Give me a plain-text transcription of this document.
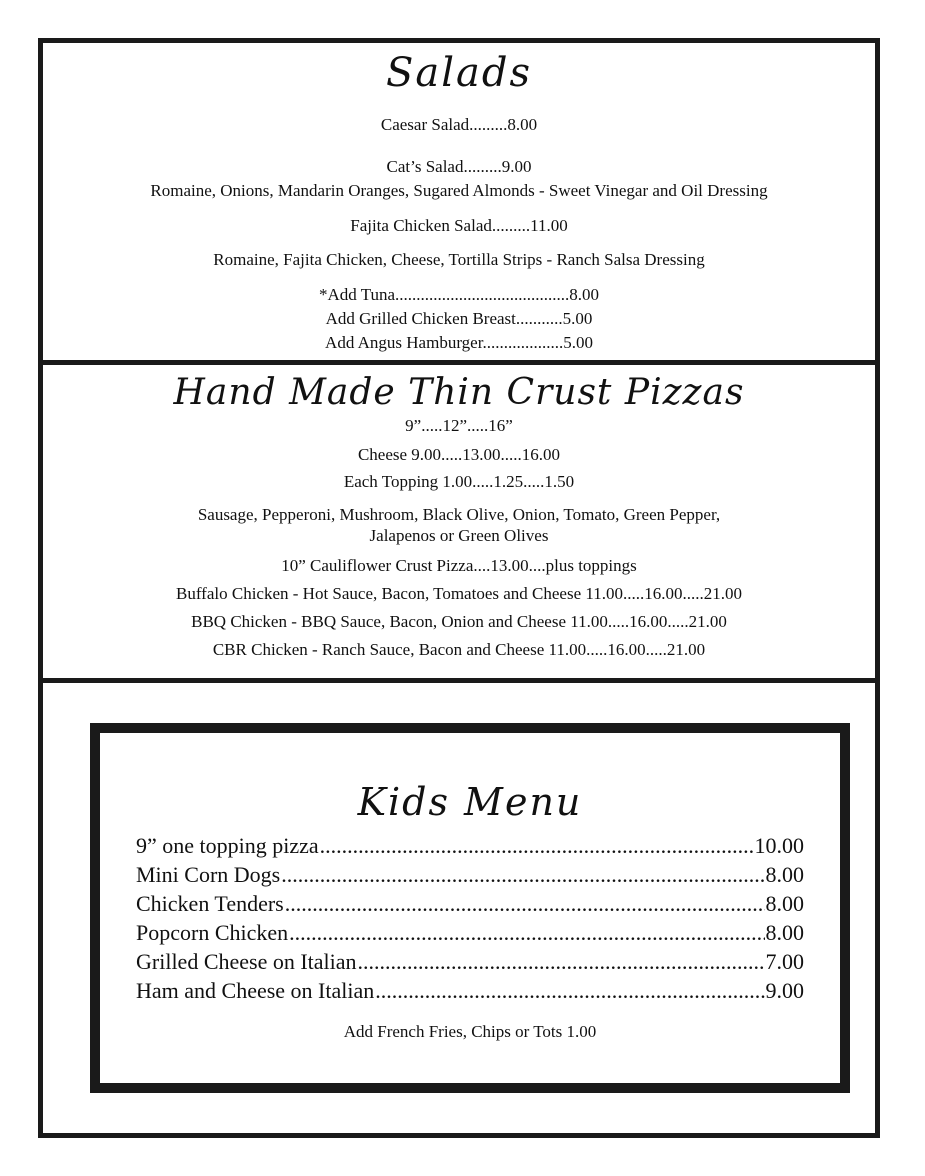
Salads
Caesar Salad.........8.00
Cat’s Salad.........9.00
Romaine, Onions, Mandarin Oranges, Sugared Almonds - Sweet Vinegar and Oil Dressing
Fajita Chicken Salad.........11.00
Romaine, Fajita Chicken, Cheese, Tortilla Strips - Ranch Salsa Dressing
*Add Tuna.........................................8.00
Add Grilled Chicken Breast...........5.00
Add Angus Hamburger...................5.00
Hand Made Thin Crust Pizzas
9”.....12”.....16”
Cheese 9.00.....13.00.....16.00
Each Topping 1.00.....1.25.....1.50
Sausage, Pepperoni, Mushroom, Black Olive, Onion, Tomato, Green Pepper,
Jalapenos or Green Olives
10” Cauliflower Crust Pizza....13.00....plus toppings
Buffalo Chicken - Hot Sauce, Bacon, Tomatoes and Cheese 11.00.....16.00.....21.00
BBQ Chicken - BBQ Sauce, Bacon, Onion and Cheese 11.00.....16.00.....21.00
CBR Chicken - Ranch Sauce, Bacon and Cheese 11.00.....16.00.....21.00
Kids Menu
9” one topping pizza .....	10.00
Mini Corn Dogs .....	8.00
Chicken Tenders .....	8.00
Popcorn Chicken .....	8.00
Grilled Cheese on Italian .....	7.00
Ham and Cheese on Italian .....	9.00
Add French Fries, Chips or Tots 1.00
